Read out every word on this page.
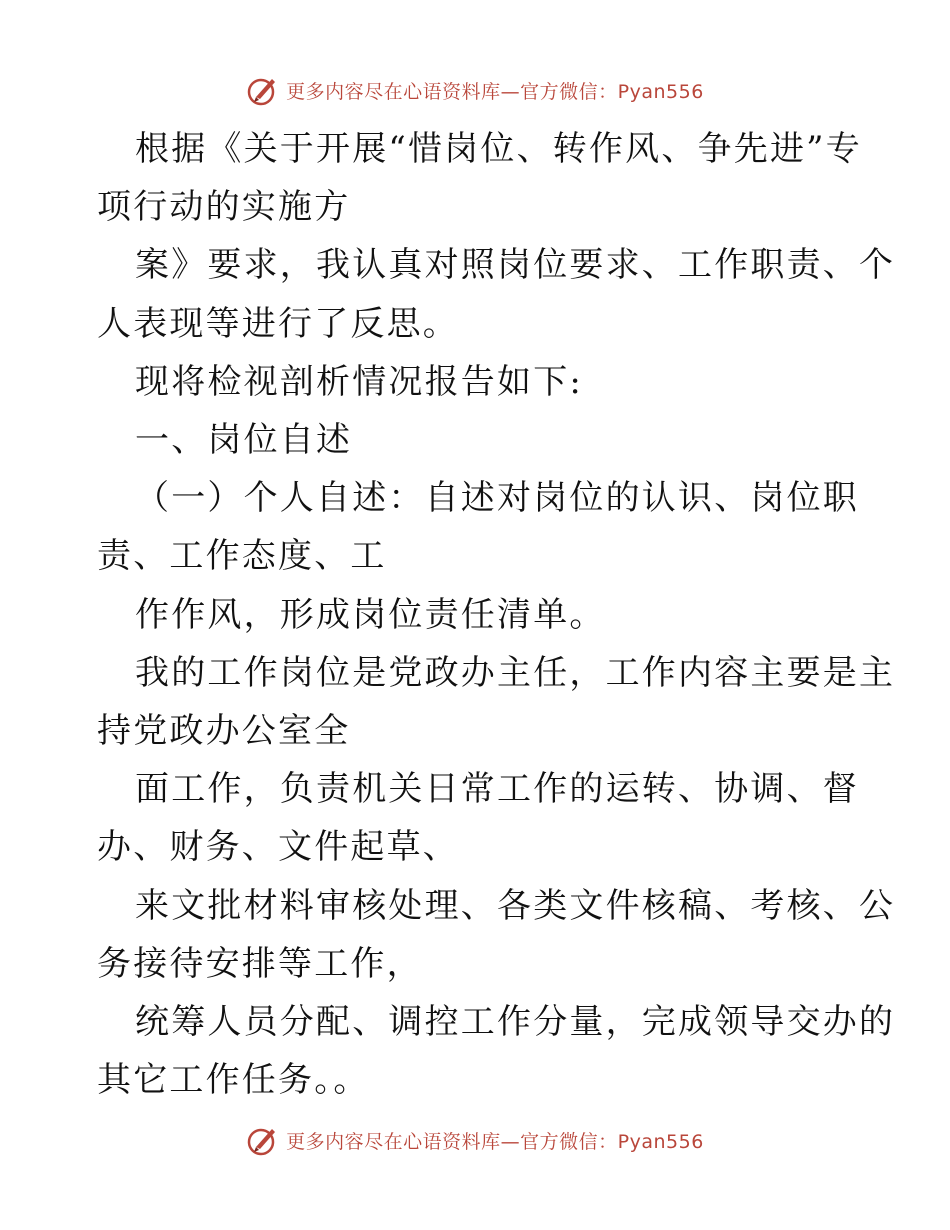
更多内容尽在心语资料库—官方微信：Pyan556

根据《关于开展“惜岗位、转作风、争先进”专
项行动的实施方
案》要求，我认真对照岗位要求、工作职责、个
人表现等进行了反思。
现将检视剖析情况报告如下:
一、岗位自述
（一）个人自述：自述对岗位的认识、岗位职
责、工作态度、工
作作风，形成岗位责任清单。
我的工作岗位是党政办主任，工作内容主要是主
持党政办公室全
面工作，负责机关日常工作的运转、协调、督
办、财务、文件起草、
来文批材料审核处理、各类文件核稿、考核、公
务接待安排等工作，
统筹人员分配、调控工作分量，完成领导交办的
其它工作任务。。

更多内容尽在心语资料库—官方微信：Pyan556
